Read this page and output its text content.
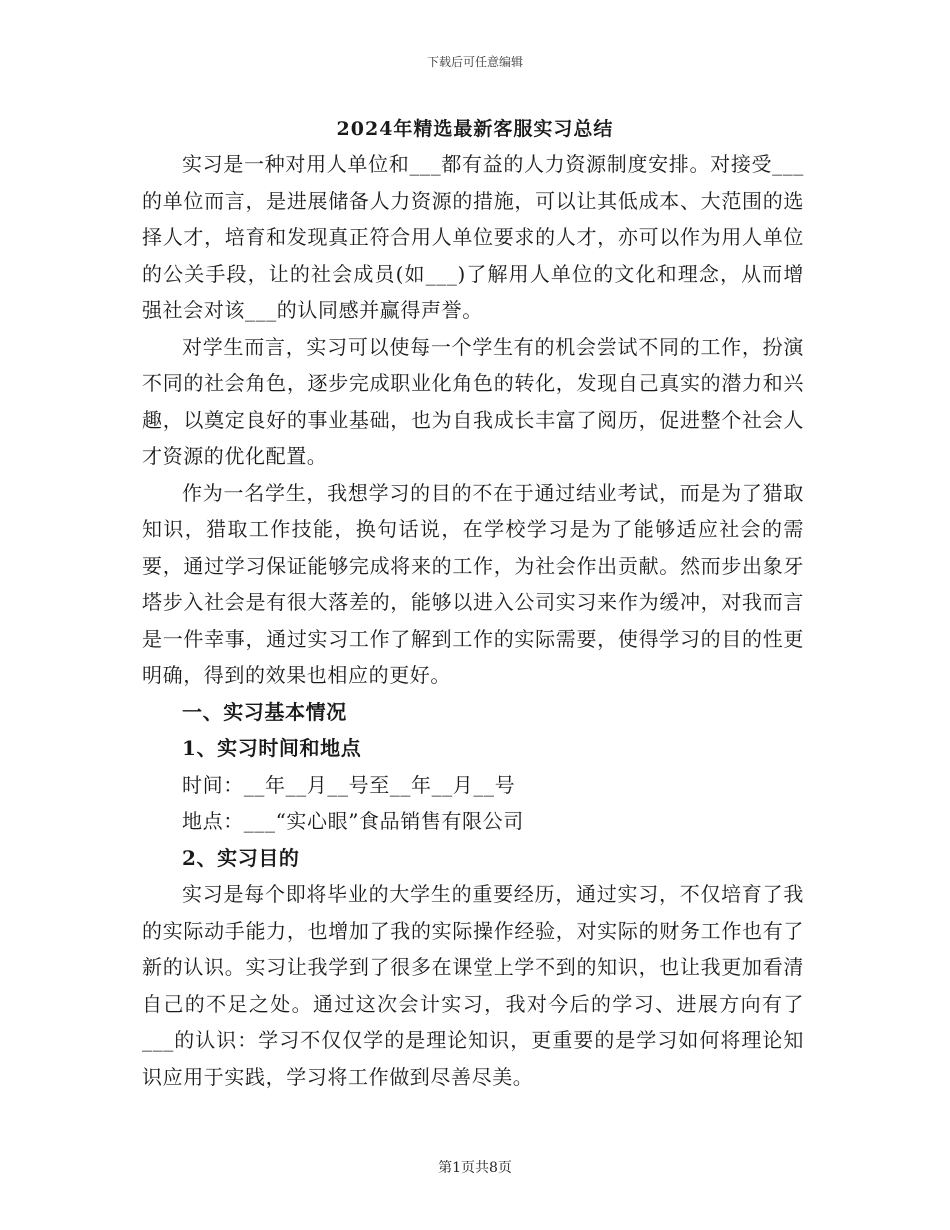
下载后可任意编辑
2024年精选最新客服实习总结

实习是一种对用人单位和___都有益的人力资源制度安排。对接受___的单位而言，是进展储备人力资源的措施，可以让其低成本、大范围的选择人才，培育和发现真正符合用人单位要求的人才，亦可以作为用人单位的公关手段，让的社会成员(如___)了解用人单位的文化和理念，从而增强社会对该___的认同感并赢得声誉。

对学生而言，实习可以使每一个学生有的机会尝试不同的工作，扮演不同的社会角色，逐步完成职业化角色的转化，发现自己真实的潜力和兴趣，以奠定良好的事业基础，也为自我成长丰富了阅历，促进整个社会人才资源的优化配置。

作为一名学生，我想学习的目的不在于通过结业考试，而是为了猎取知识，猎取工作技能，换句话说，在学校学习是为了能够适应社会的需要，通过学习保证能够完成将来的工作，为社会作出贡献。然而步出象牙塔步入社会是有很大落差的，能够以进入公司实习来作为缓冲，对我而言是一件幸事，通过实习工作了解到工作的实际需要，使得学习的目的性更明确，得到的效果也相应的更好。

一、实习基本情况

1、实习时间和地点

时间：__年__月__号至__年__月__号

地点：___“实心眼”食品销售有限公司

2、实习目的

实习是每个即将毕业的大学生的重要经历，通过实习，不仅培育了我的实际动手能力，也增加了我的实际操作经验，对实际的财务工作也有了新的认识。实习让我学到了很多在课堂上学不到的知识，也让我更加看清自己的不足之处。通过这次会计实习，我对今后的学习、进展方向有了___的认识：学习不仅仅学的是理论知识，更重要的是学习如何将理论知识应用于实践，学习将工作做到尽善尽美。

第1页共8页
